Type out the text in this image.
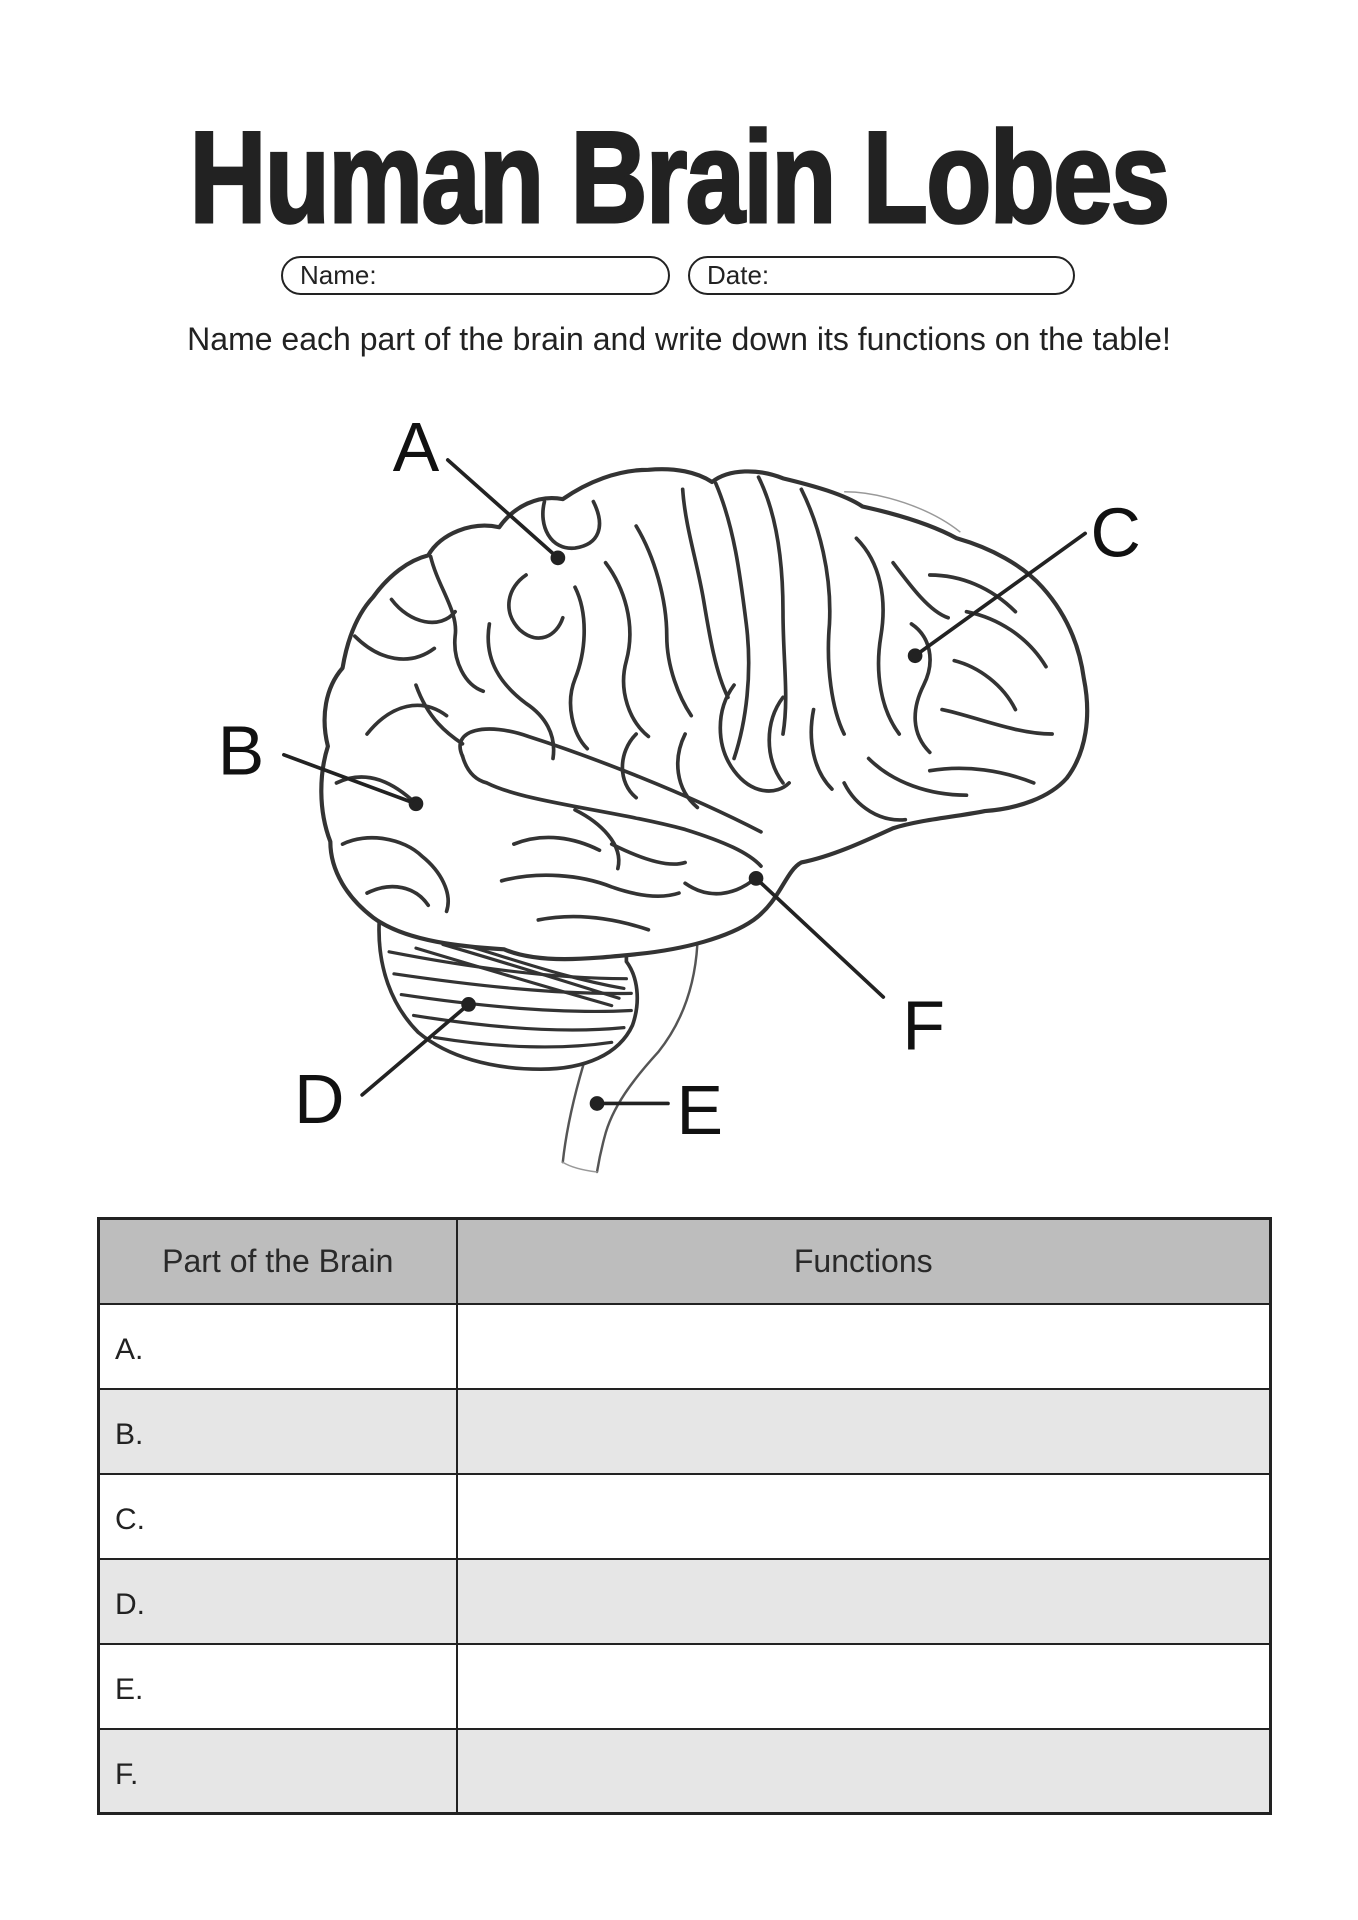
Human Brain Lobes
Name:	Date:
Name each part of the brain and write down its functions on the table!
A
B
C
D	E
F
Part of the Brain	Functions
A.	
B.	
C.	
D.	
E.	
F.	
